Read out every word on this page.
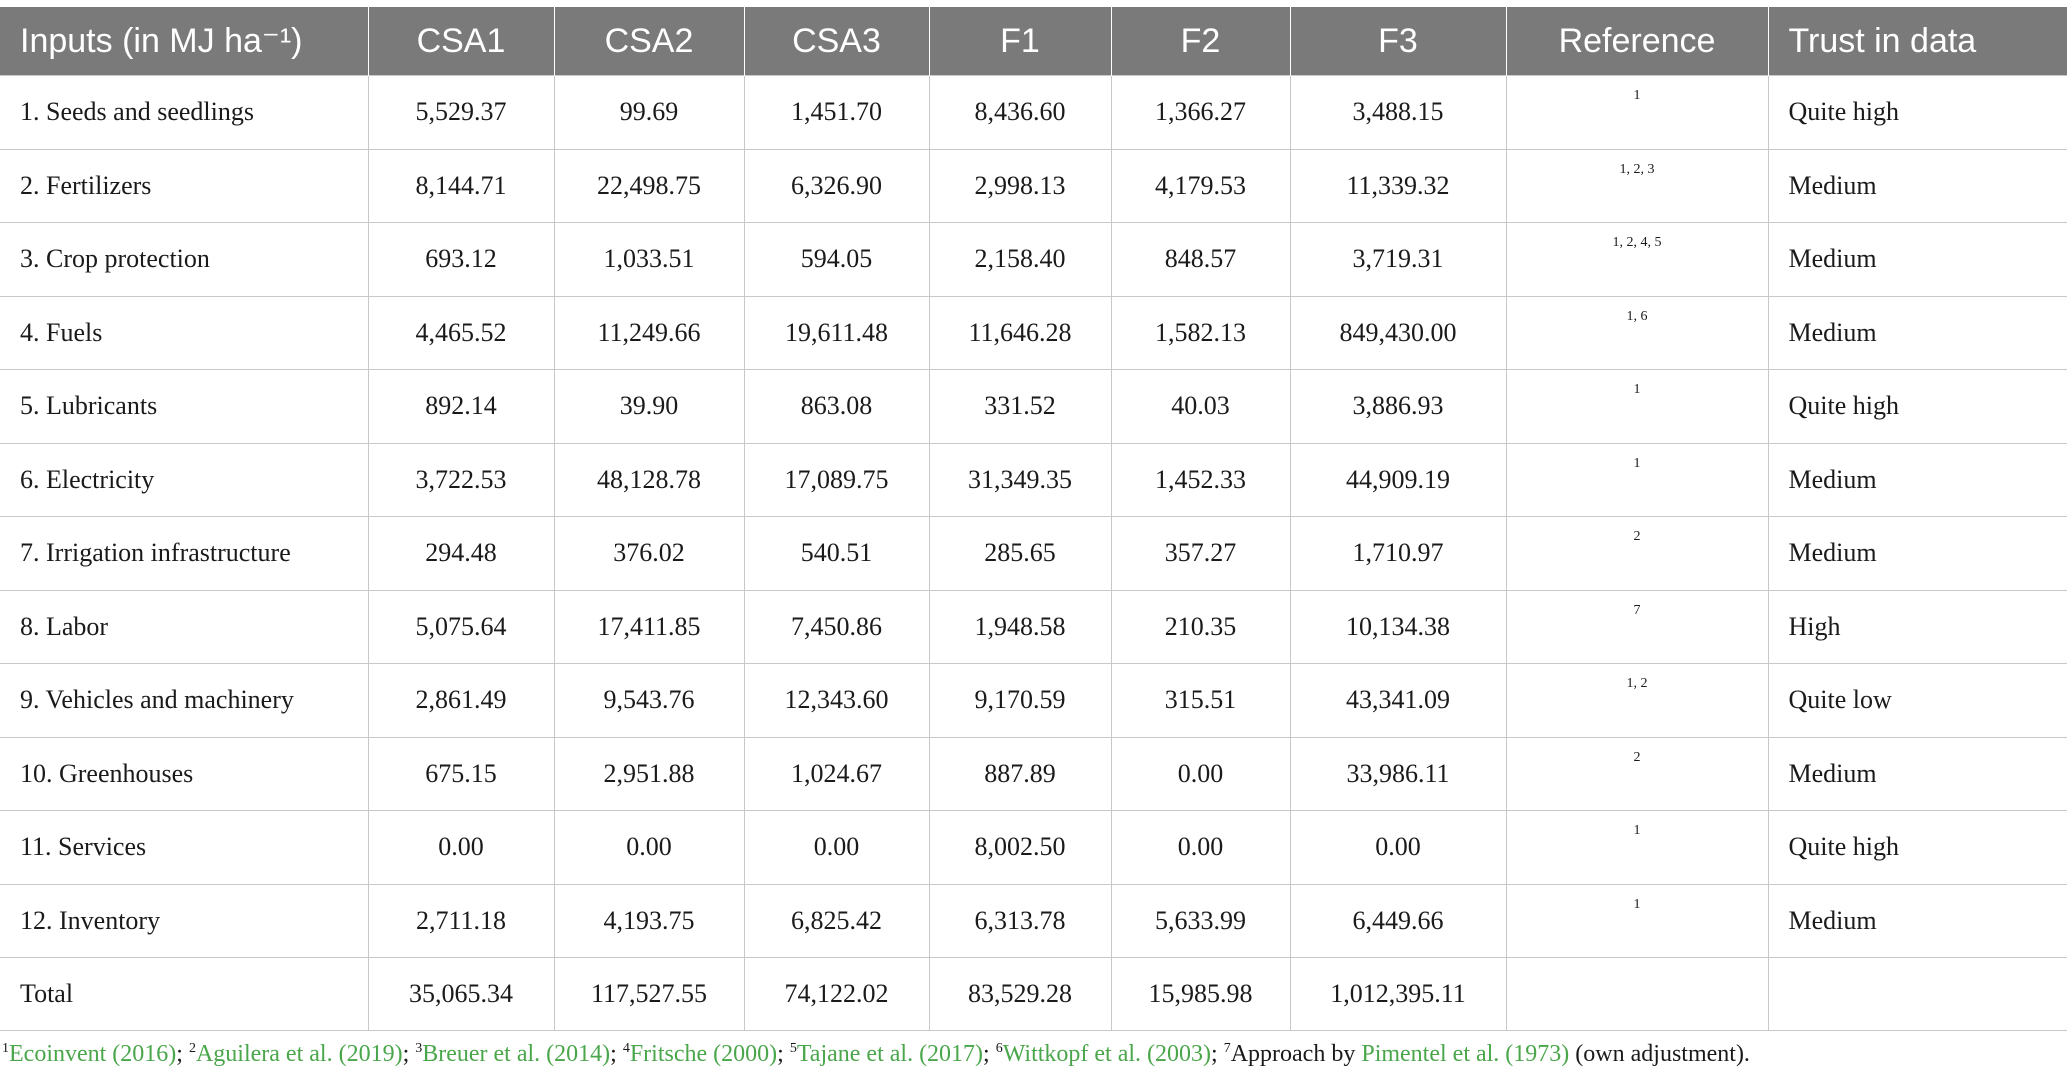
Inputs (in MJ ha⁻¹)	CSA1	CSA2	CSA3	F1	F2	F3	Reference	Trust in data
1. Seeds and seedlings	5,529.37	99.69	1,451.70	8,436.60	1,366.27	3,488.15	1	Quite high
2. Fertilizers	8,144.71	22,498.75	6,326.90	2,998.13	4,179.53	11,339.32	1, 2, 3	Medium
3. Crop protection	693.12	1,033.51	594.05	2,158.40	848.57	3,719.31	1, 2, 4, 5	Medium
4. Fuels	4,465.52	11,249.66	19,611.48	11,646.28	1,582.13	849,430.00	1, 6	Medium
5. Lubricants	892.14	39.90	863.08	331.52	40.03	3,886.93	1	Quite high
6. Electricity	3,722.53	48,128.78	17,089.75	31,349.35	1,452.33	44,909.19	1	Medium
7. Irrigation infrastructure	294.48	376.02	540.51	285.65	357.27	1,710.97	2	Medium
8. Labor	5,075.64	17,411.85	7,450.86	1,948.58	210.35	10,134.38	7	High
9. Vehicles and machinery	2,861.49	9,543.76	12,343.60	9,170.59	315.51	43,341.09	1, 2	Quite low
10. Greenhouses	675.15	2,951.88	1,024.67	887.89	0.00	33,986.11	2	Medium
11. Services	0.00	0.00	0.00	8,002.50	0.00	0.00	1	Quite high
12. Inventory	2,711.18	4,193.75	6,825.42	6,313.78	5,633.99	6,449.66	1	Medium
Total	35,065.34	117,527.55	74,122.02	83,529.28	15,985.98	1,012,395.11		
$^1$Ecoinvent (2016); $^2$Aguilera et al. (2019); $^3$Breuer et al. (2014); $^4$Fritsche (2000); $^5$Tajane et al. (2017); $^6$Wittkopf et al. (2003); $^7$Approach by Pimentel et al. (1973) (own adjustment).
